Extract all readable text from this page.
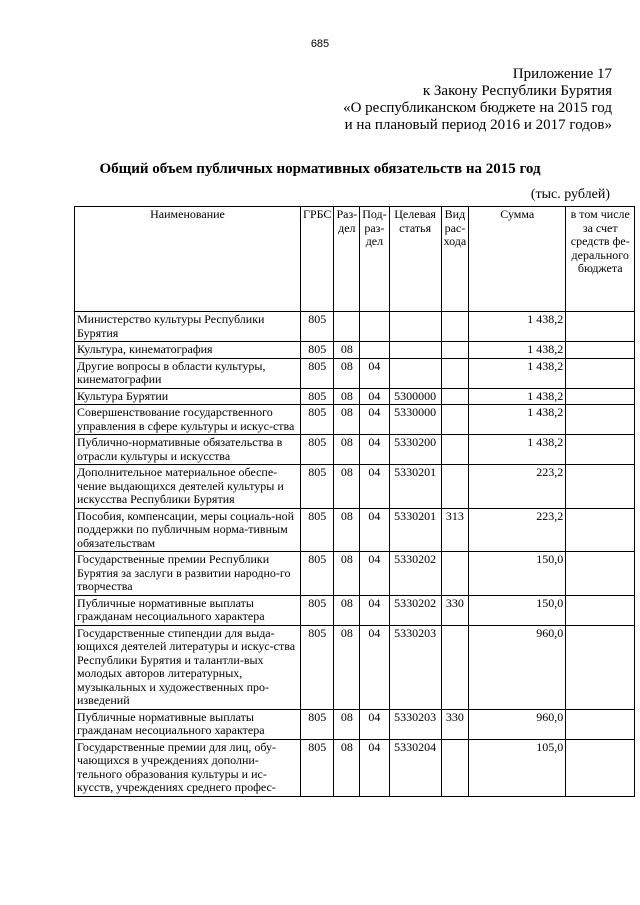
685
Приложение 17
к Закону Республики Бурятия
«О республиканском бюджете на 2015 год
и на плановый период 2016 и 2017 годов»
Общий объем публичных нормативных обязательств на 2015 год
(тыс. рублей)
Наименование	ГРБС	Раз-дел	Под-раз-дел	Целевая статья	Вид рас-хода	Сумма	в том числе за счет средств фе-дерального бюджета
Министерство культуры Республики Бурятия	805					1 438,2	
Культура, кинематография	805	08				1 438,2	
Другие вопросы в области культуры, кинематографии	805	08	04			1 438,2	
Культура Бурятии	805	08	04	5300000		1 438,2	
Совершенствование государственного управления в сфере культуры и искус-ства	805	08	04	5330000		1 438,2	
Публично-нормативные обязательства в отрасли культуры и искусства	805	08	04	5330200		1 438,2	
Дополнительное материальное обеспе-чение выдающихся деятелей культуры и искусства Республики Бурятия	805	08	04	5330201		223,2	
Пособия, компенсации, меры социаль-ной поддержки по публичным норма-тивным обязательствам	805	08	04	5330201	313	223,2	
Государственные премии Республики Бурятия за заслуги в развитии народно-го творчества	805	08	04	5330202		150,0	
Публичные нормативные выплаты гражданам несоциального характера	805	08	04	5330202	330	150,0	
Государственные стипендии для выда-ющихся деятелей литературы и искус-ства Республики Бурятия и талантли-вых молодых авторов литературных, музыкальных и художественных про-изведений	805	08	04	5330203		960,0	
Публичные нормативные выплаты гражданам несоциального характера	805	08	04	5330203	330	960,0	
Государственные премии для лиц, обу-чающихся в учреждениях дополни-тельного образования культуры и ис-кусств, учреждениях среднего профес-	805	08	04	5330204		105,0	
